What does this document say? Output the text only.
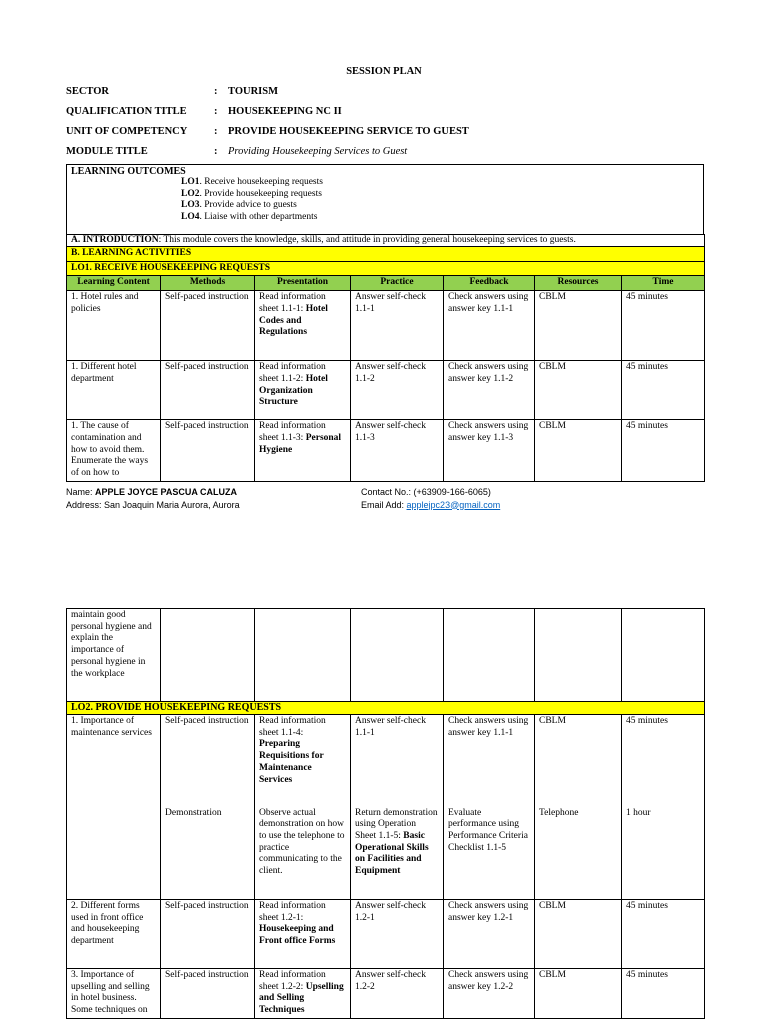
SESSION PLAN
SECTOR	: TOURISM
QUALIFICATION TITLE	: HOUSEKEEPING NC II
UNIT OF COMPETENCY	: PROVIDE HOUSEKEEPING SERVICE TO GUEST
MODULE TITLE	: Providing Housekeeping Services to Guest
LEARNING OUTCOMES
LO1. Receive housekeeping requests
LO2. Provide housekeeping requests
LO3. Provide advice to guests
LO4. Liaise with other departments
A. INTRODUCTION: This module covers the knowledge, skills, and attitude in providing general housekeeping services to guests.						
B. LEARNING ACTIVITIES						
LO1. RECEIVE HOUSEKEEPING REQUESTS						
Learning Content	Methods	Presentation	Practice	Feedback	Resources	Time
1. Hotel rules and policies	Self-paced instruction	Read information sheet 1.1-1: Hotel Codes and Regulations	Answer self-check 1.1-1	Check answers using answer key 1.1-1	CBLM	45 minutes
1. Different hotel department	Self-paced instruction	Read information sheet 1.1-2: Hotel Organization Structure	Answer self-check 1.1-2	Check answers using answer key 1.1-2	CBLM	45 minutes
1. The cause of contamination and how to avoid them. Enumerate the ways of on how to	Self-paced instruction	Read information sheet 1.1-3: Personal Hygiene	Answer self-check 1.1-3	Check answers using answer key 1.1-3	CBLM	45 minutes
Name: APPLE JOYCE PASCUA CALUZA
Address: San Joaquin Maria Aurora, Aurora
Contact No.: (+63909-166-6065)
Email Add: applejpc23@gmail.com
maintain good personal hygiene and explain the importance of personal hygiene in the workplace						

LO2. PROVIDE HOUSEKEEPING REQUESTS						

1. Importance of maintenance services	Self-paced instruction	Read information sheet 1.1-4: Preparing Requisitions for Maintenance Services	Answer self-check 1.1-1	Check answers using answer key 1.1-1	CBLM	45 minutes
	Demonstration	Observe actual demonstration on how to use the telephone to practice communicating to the client.	Return demonstration using Operation Sheet 1.1-5: Basic Operational Skills on Facilities and Equipment	Evaluate performance using Performance Criteria Checklist 1.1-5	Telephone	1 hour
2. Different forms used in front office and housekeeping department	Self-paced instruction	Read information sheet 1.2-1: Housekeeping and Front office Forms	Answer self-check 1.2-1	Check answers using answer key 1.2-1	CBLM	45 minutes
3. Importance of upselling and selling in hotel business. Some techniques on	Self-paced instruction	Read information sheet 1.2-2: Upselling and Selling Techniques	Answer self-check 1.2-2	Check answers using answer key 1.2-2	CBLM	45 minutes
